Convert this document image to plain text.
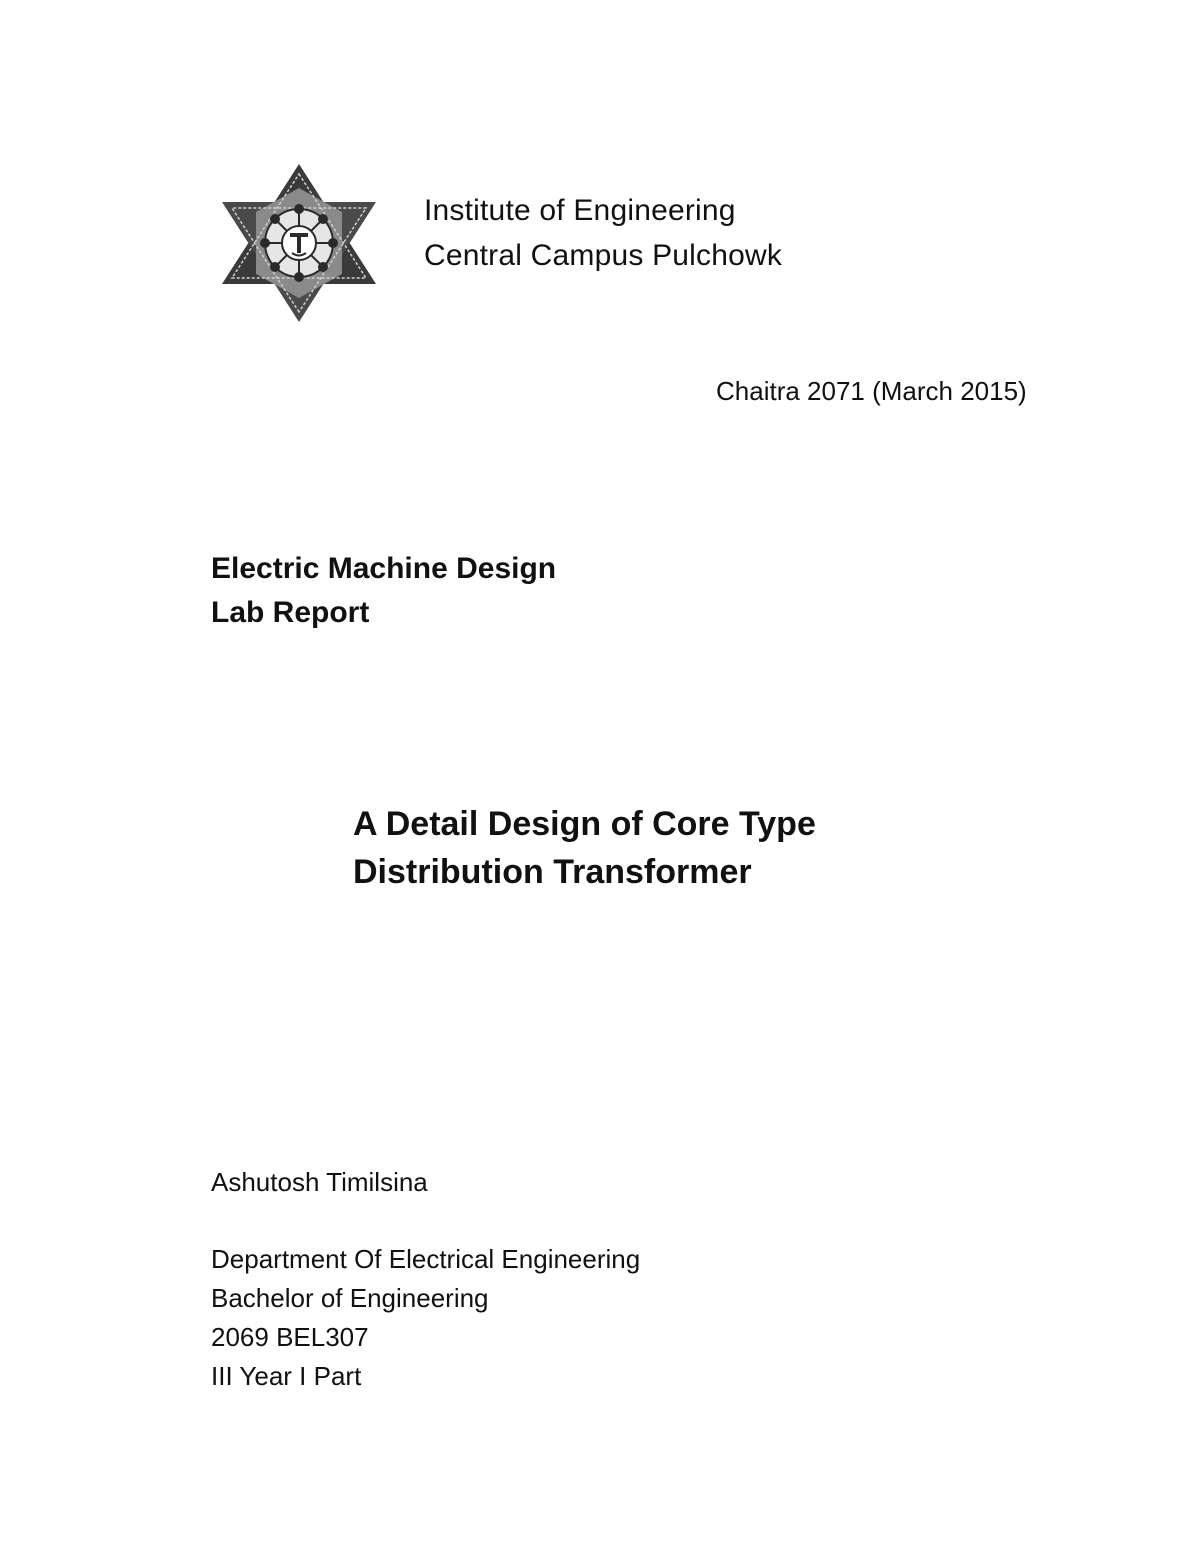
Institute of Engineering
Central Campus Pulchowk
Chaitra 2071 (March 2015)
Electric Machine Design
Lab Report
A Detail Design of Core Type
Distribution Transformer
Ashutosh Timilsina
Department Of Electrical Engineering
Bachelor of Engineering
2069 BEL307
III Year I Part
